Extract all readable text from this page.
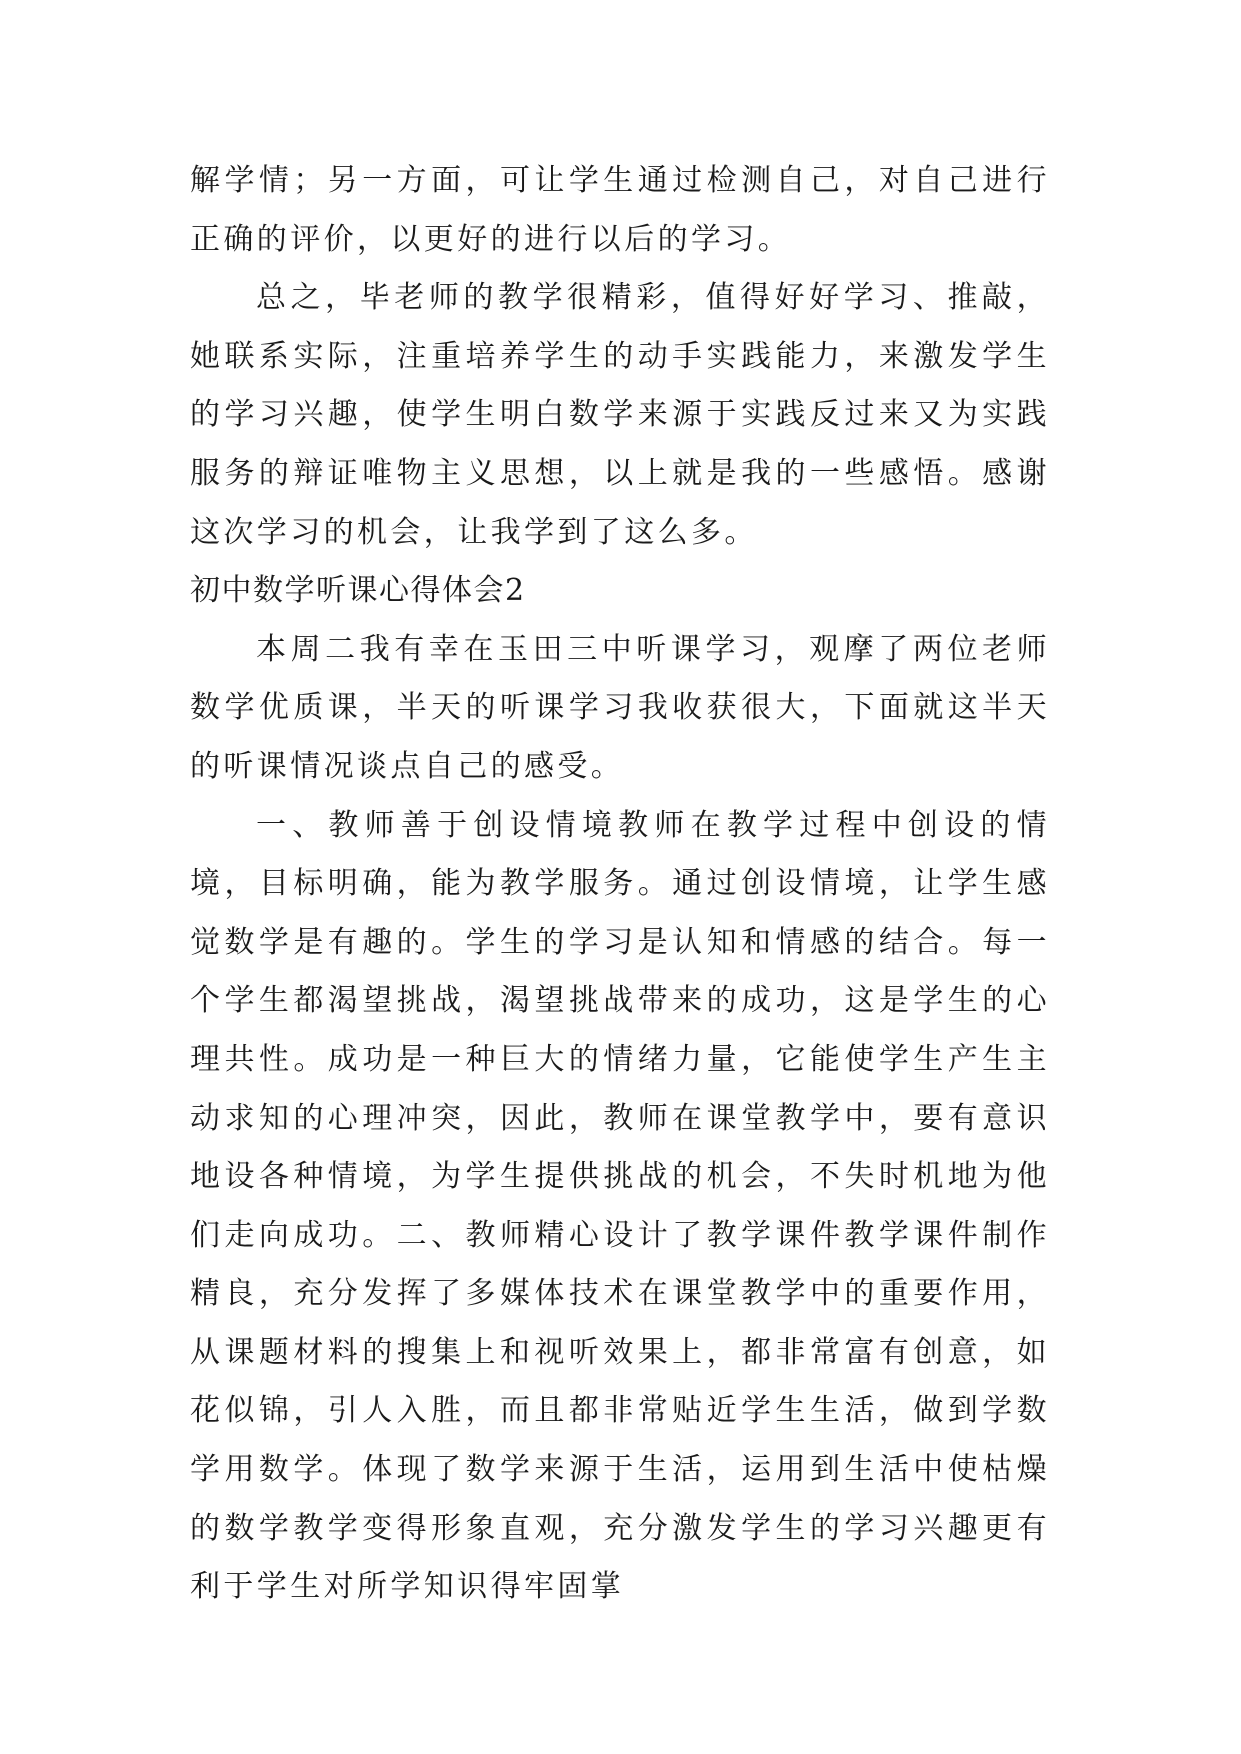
解学情；另一方面，可让学生通过检测自己，对自己进行正确的评价，以更好的进行以后的学习。

总之，毕老师的教学很精彩，值得好好学习、推敲，她联系实际，注重培养学生的动手实践能力，来激发学生的学习兴趣，使学生明白数学来源于实践反过来又为实践服务的辩证唯物主义思想，以上就是我的一些感悟。感谢这次学习的机会，让我学到了这么多。

初中数学听课心得体会2

本周二我有幸在玉田三中听课学习，观摩了两位老师数学优质课，半天的听课学习我收获很大，下面就这半天的听课情况谈点自己的感受。

一、教师善于创设情境教师在教学过程中创设的情境，目标明确，能为教学服务。通过创设情境，让学生感觉数学是有趣的。学生的学习是认知和情感的结合。每一个学生都渴望挑战，渴望挑战带来的成功，这是学生的心理共性。成功是一种巨大的情绪力量，它能使学生产生主动求知的心理冲突，因此，教师在课堂教学中，要有意识地设各种情境，为学生提供挑战的机会，不失时机地为他们走向成功。二、教师精心设计了教学课件教学课件制作精良，充分发挥了多媒体技术在课堂教学中的重要作用，从课题材料的搜集上和视听效果上，都非常富有创意，如花似锦，引人入胜，而且都非常贴近学生生活，做到学数学用数学。体现了数学来源于生活，运用到生活中使枯燥的数学教学变得形象直观，充分激发学生的学习兴趣更有利于学生对所学知识得牢固掌
